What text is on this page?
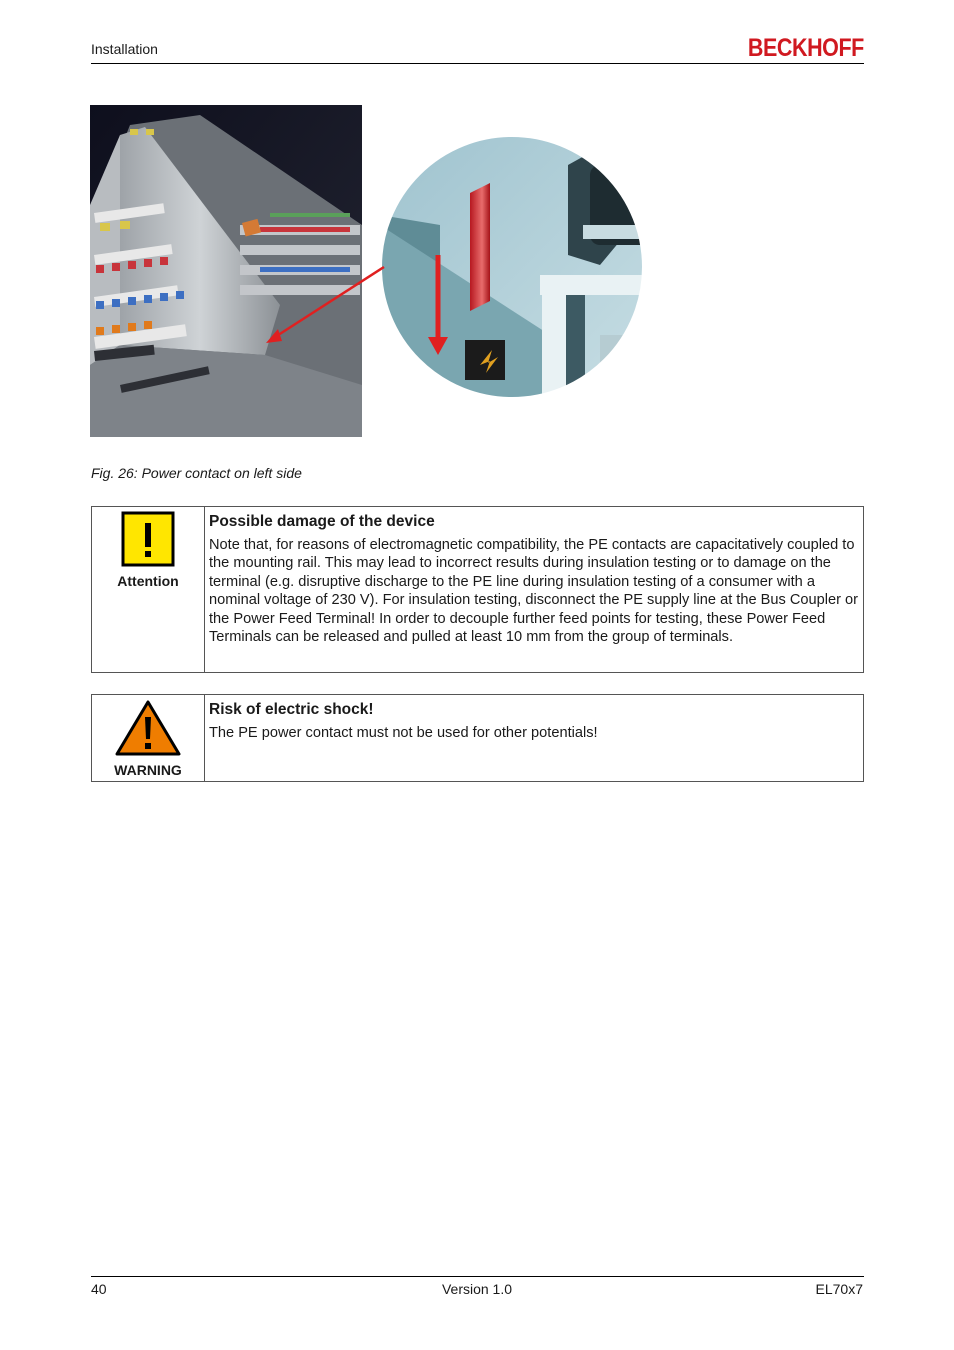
Installation	BECKHOFF
Fig. 26: Power contact on left side
Attention
Possible damage of the device
Note that, for reasons of electromagnetic compatibility, the PE contacts are capacitatively coupled to the mounting rail. This may lead to incorrect results during insulation testing or to damage on the terminal (e.g. disruptive discharge to the PE line during insulation testing of a consumer with a nominal voltage of 230 V). For insulation testing, disconnect the PE supply line at the Bus Coupler or the Power Feed Terminal! In order to decouple further feed points for testing, these Power Feed Terminals can be released and pulled at least 10 mm from the group of terminals.
WARNING
Risk of electric shock!
The PE power contact must not be used for other potentials!
40	Version 1.0	EL70x7
